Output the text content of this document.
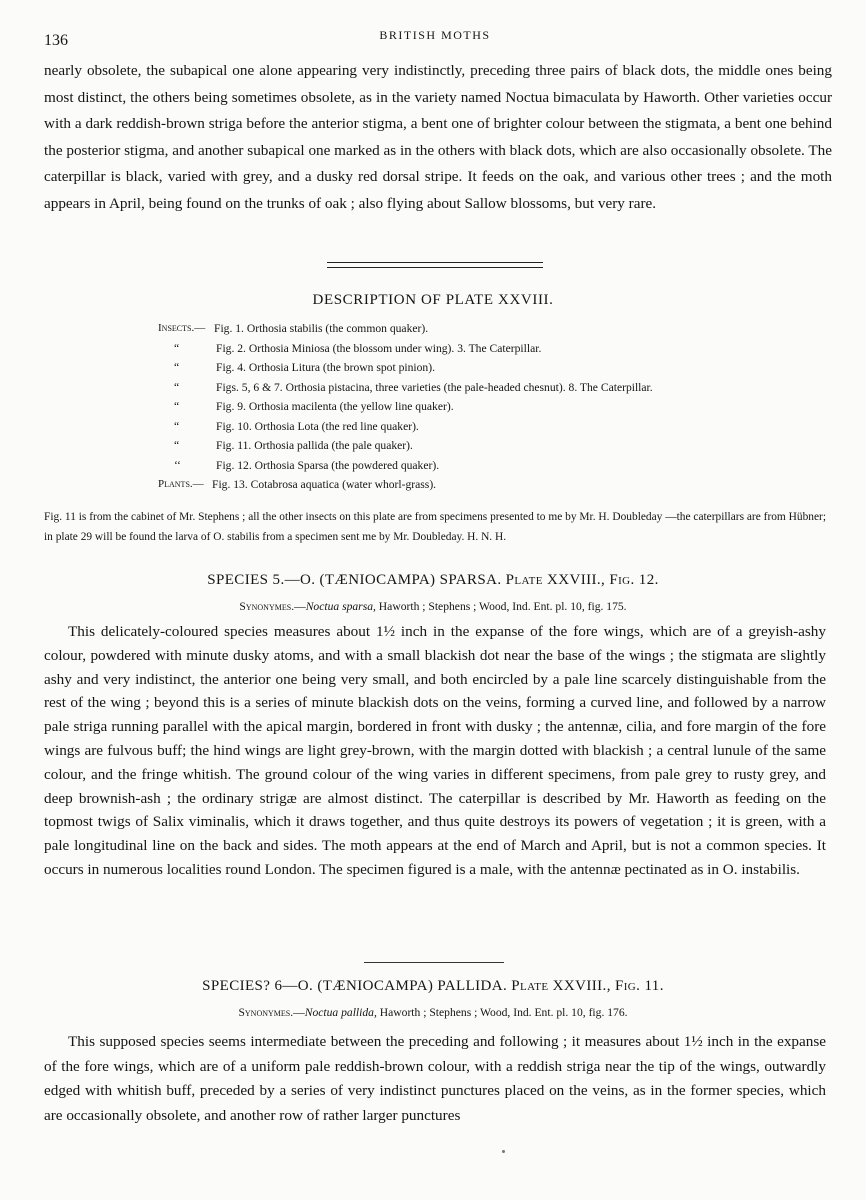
136	BRITISH MOTHS

nearly obsolete, the subapical one alone appearing very indistinctly, preceding three pairs of black dots, the middle ones being most distinct, the others being sometimes obsolete, as in the variety named Noctua bimaculata by Haworth. Other varieties occur with a dark reddish-brown striga before the anterior stigma, a bent one of brighter colour between the stigmata, a bent one behind the posterior stigma, and another subapical one marked as in the others with black dots, which are also occasionally obsolete. The caterpillar is black, varied with grey, and a dusky red dorsal stripe. It feeds on the oak, and various other trees ; and the moth appears in April, being found on the trunks of oak ; also flying about Sallow blossoms, but very rare.

DESCRIPTION OF PLATE XXVIII.
Insects.— Fig. 1. Orthosia stabilis (the common quaker).
“	Fig. 2. Orthosia Miniosa (the blossom under wing). 3. The Caterpillar.
“	Fig. 4. Orthosia Litura (the brown spot pinion).
“	Figs. 5, 6 & 7. Orthosia pistacina, three varieties (the pale-headed chesnut). 8. The Caterpillar.
“	Fig. 9. Orthosia macilenta (the yellow line quaker).
“	Fig. 10. Orthosia Lota (the red line quaker).
“	Fig. 11. Orthosia pallida (the pale quaker).
‘‘	Fig. 12. Orthosia Sparsa (the powdered quaker).
Plants.— Fig. 13. Cotabrosa aquatica (water whorl-grass).

Fig. 11 is from the cabinet of Mr. Stephens ; all the other insects on this plate are from specimens presented to me by Mr. H. Doubleday —the caterpillars are from Hübner; in plate 29 will be found the larva of O. stabilis from a specimen sent me by Mr. Doubleday. H. N. H.

SPECIES 5.—O. (TÆNIOCAMPA) SPARSA. Plate XXVIII., Fig. 12.
Synonymes.—Noctua sparsa, Haworth ; Stephens ; Wood, Ind. Ent. pl. 10, fig. 175.

This delicately-coloured species measures about 1½ inch in the expanse of the fore wings, which are of a greyish-ashy colour, powdered with minute dusky atoms, and with a small blackish dot near the base of the wings ; the stigmata are slightly ashy and very indistinct, the anterior one being very small, and both encircled by a pale line scarcely distinguishable from the rest of the wing ; beyond this is a series of minute blackish dots on the veins, forming a curved line, and followed by a narrow pale striga running parallel with the apical margin, bordered in front with dusky ; the antennæ, cilia, and fore margin of the fore wings are fulvous buff; the hind wings are light grey-brown, with the margin dotted with blackish ; a central lunule of the same colour, and the fringe whitish. The ground colour of the wing varies in different specimens, from pale grey to rusty grey, and deep brownish-ash ; the ordinary strigæ are almost distinct. The caterpillar is described by Mr. Haworth as feeding on the topmost twigs of Salix viminalis, which it draws together, and thus quite destroys its powers of vegetation ; it is green, with a pale longitudinal line on the back and sides. The moth appears at the end of March and April, but is not a common species. It occurs in numerous localities round London. The specimen figured is a male, with the antennæ pectinated as in O. instabilis.

SPECIES? 6—O. (TÆNIOCAMPA) PALLIDA. Plate XXVIII., Fig. 11.
Synonymes.—Noctua pallida, Haworth ; Stephens ; Wood, Ind. Ent. pl. 10, fig. 176.

This supposed species seems intermediate between the preceding and following ; it measures about 1½ inch in the expanse of the fore wings, which are of a uniform pale reddish-brown colour, with a reddish striga near the tip of the wings, outwardly edged with whitish buff, preceded by a series of very indistinct punctures placed on the veins, as in the former species, which are occasionally obsolete, and another row of rather larger punctures
